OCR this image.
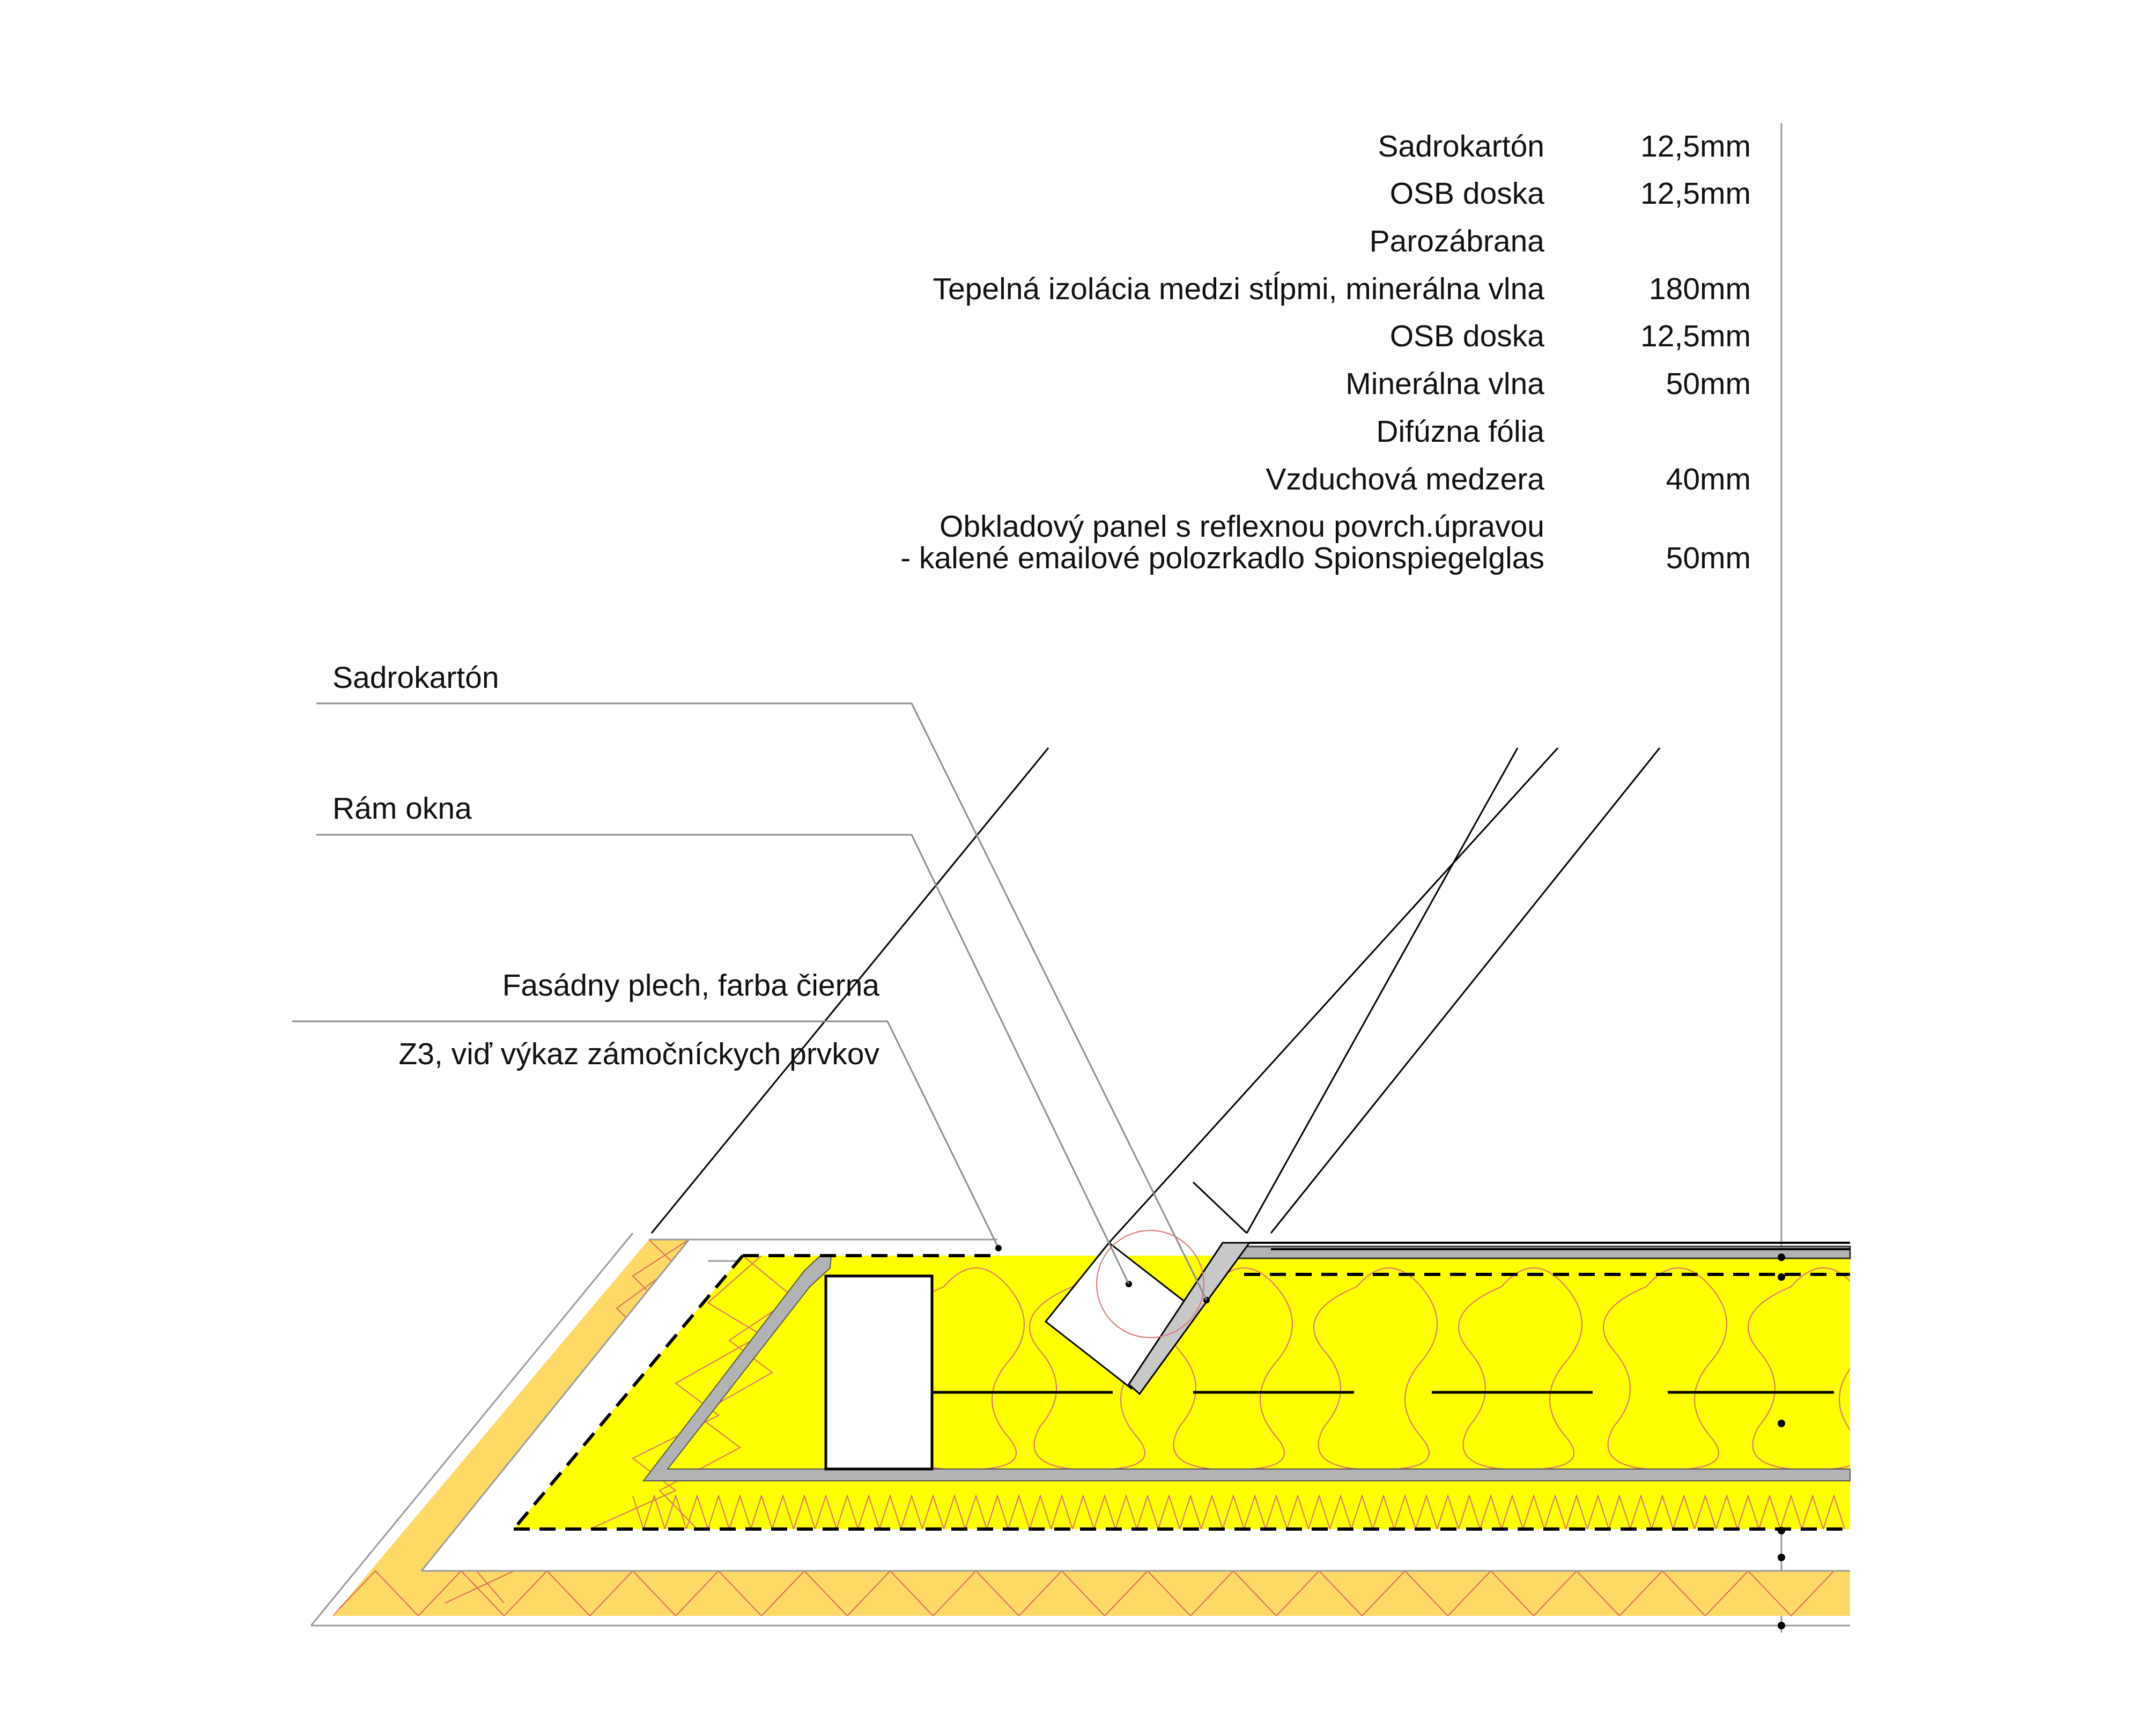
Sadrokartón	12,5mm
OSB doska	12,5mm
Parozábrana
Tepelná izolácia medzi stĺpmi, minerálna vlna	180mm
OSB doska	12,5mm
Minerálna vlna	50mm
Difúzna fólia
Vzduchová medzera	40mm
Obkladový panel s reflexnou povrch.úpravou
- kalené emailové polozrkadlo Spionspiegelglas	50mm
Sadrokartón
Rám okna
Fasádny plech, farba čierna
Z3, viď výkaz zámočníckych prvkov
